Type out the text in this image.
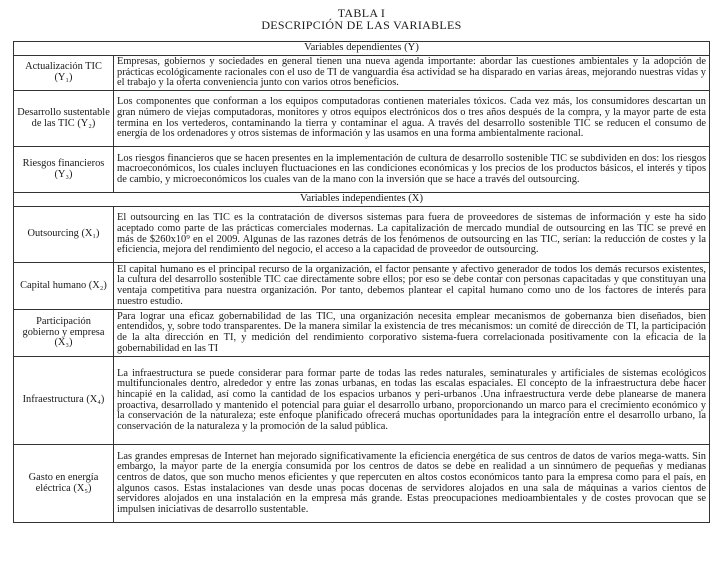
TABLA I
DESCRIPCIÓN DE LAS VARIABLES
Variables dependientes (Y)	
Actualización TIC (Y₁)	Empresas, gobiernos y sociedades en general tienen una nueva agenda importante: abordar las cuestiones ambientales y la adopción de prácticas ecológicamente racionales con el uso de TI de vanguardia ésa actividad se ha disparado en varias áreas, mejorando nuestras vidas y el trabajo y la oferta conveniencia junto con varios otros beneficios.
Desarrollo sustentable de las TIC (Y₂)	Los componentes que conforman a los equipos computadoras contienen materiales tóxicos. Cada vez más, los consumidores descartan un gran número de viejas computadoras, monitores y otros equipos electrónicos dos o tres años después de la compra, y la mayor parte de esta termina en los vertederos, contaminando la tierra y contaminar el agua. A través del desarrollo sostenible TIC se reducen el consumo de energía de los ordenadores y otros sistemas de información y las usamos en una forma ambientalmente racional.
Riesgos financieros (Y₃)	Los riesgos financieros que se hacen presentes en la implementación de cultura de desarrollo sostenible TIC se subdividen en dos: los riesgos macroeconómicos, los cuales incluyen fluctuaciones en las condiciones económicas y los precios de los productos básicos, el interés y tipos de cambio, y microeconómicos los cuales van de la mano con la inversión que se hace a través del outsourcing.
Variables independientes (X)	
Outsourcing (X₁)	El outsourcing en las TIC es la contratación de diversos sistemas para fuera de proveedores de sistemas de información y este ha sido aceptado como parte de las prácticas comerciales modernas. La capitalización de mercado mundial de outsourcing en las TIC se prevé en más de $260x10⁹ en el 2009. Algunas de las razones detrás de los fenómenos de outsourcing en las TIC, serían: la reducción de costes y la eficiencia, mejora del rendimiento del negocio, el acceso a la capacidad de proveedor de outsourcing.
Capital humano (X₂)	El capital humano es el principal recurso de la organización, el factor pensante y afectivo generador de todos los demás recursos existentes, la cultura del desarrollo sostenible TIC cae directamente sobre ellos; por eso se debe contar con personas capacitadas y que constituyan una ventaja competitiva para nuestra organización. Por tanto, debemos plantear el capital humano como uno de los factores de interés para nuestro estudio.
Participación gobierno y empresa (X₃)	Para lograr una eficaz gobernabilidad de las TIC, una organización necesita emplear mecanismos de gobernanza bien diseñados, bien entendidos, y, sobre todo transparentes. De la manera similar la existencia de tres mecanismos: un comité de dirección de TI, la participación de la alta dirección en TI, y medición del rendimiento corporativo sistema-fuera correlacionada positivamente con la eficacia de la gobernabilidad en las TI
Infraestructura (X₄)	La infraestructura se puede considerar para formar parte de todas las redes naturales, seminaturales y artificiales de sistemas ecológicos multifuncionales dentro, alrededor y entre las zonas urbanas, en todas las escalas espaciales. El concepto de la infraestructura debe hacer hincapié en la calidad, así como la cantidad de los espacios urbanos y peri-urbanos .Una infraestructura verde debe planearse de manera proactiva, desarrollado y mantenido el potencial para guiar el desarrollo urbano, proporcionando un marco para el crecimiento económico y la conservación de la naturaleza; este enfoque planificado ofrecerá muchas oportunidades para la integración entre el desarrollo urbano, la conservación de la naturaleza y la promoción de la salud pública.
Gasto en energía eléctrica (X₅)	Las grandes empresas de Internet han mejorado significativamente la eficiencia energética de sus centros de datos de varios mega-watts. Sin embargo, la mayor parte de la energía consumida por los centros de datos se debe en realidad a un sinnúmero de pequeñas y medianas centros de datos, que son mucho menos eficientes y que repercuten en altos costos económicos tanto para la empresa como para el país, en algunos casos. Estas instalaciones van desde unas pocas docenas de servidores alojados en una sala de máquinas a varios cientos de servidores alojados en una instalación en la empresa más grande. Estas preocupaciones medioambientales y de costes provocan que se impulsen iniciativas de desarrollo sustentable.
